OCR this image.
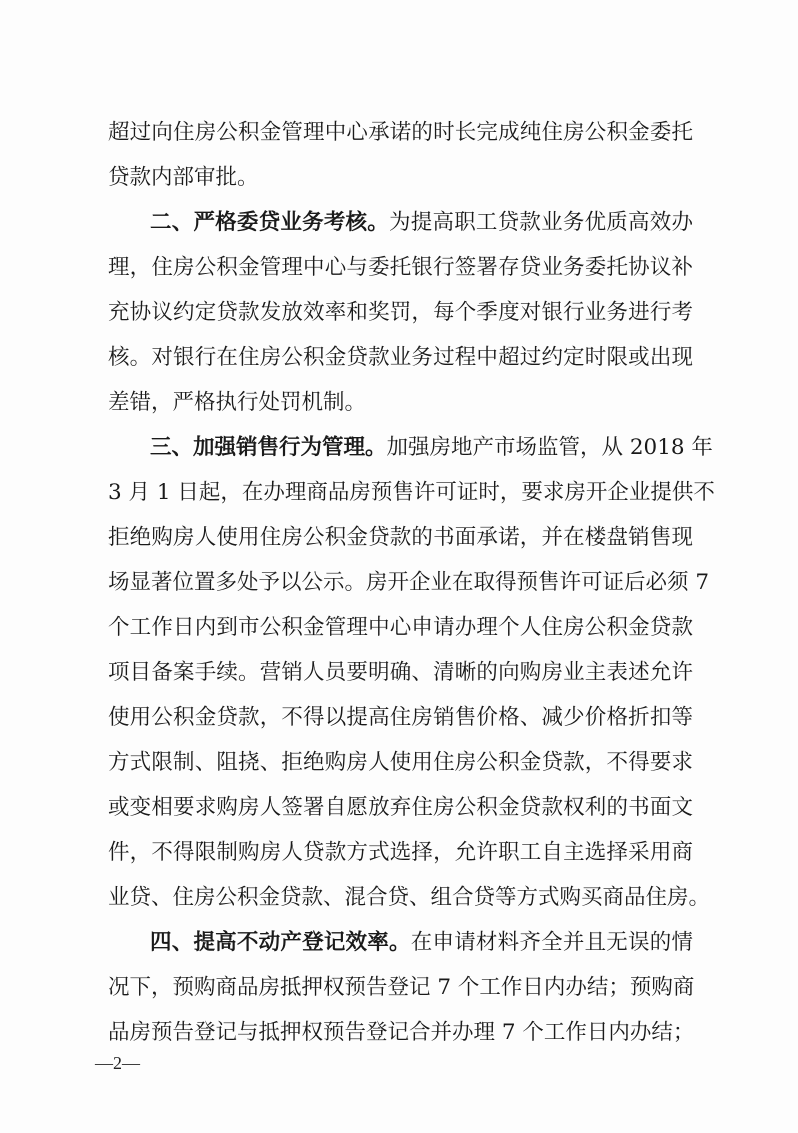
超过向住房公积金管理中心承诺的时长完成纯住房公积金委托
贷款内部审批。
二、严格委贷业务考核。为提高职工贷款业务优质高效办
理，住房公积金管理中心与委托银行签署存贷业务委托协议补
充协议约定贷款发放效率和奖罚，每个季度对银行业务进行考
核。对银行在住房公积金贷款业务过程中超过约定时限或出现
差错，严格执行处罚机制。
三、加强销售行为管理。加强房地产市场监管，从 2018 年
3 月 1 日起，在办理商品房预售许可证时，要求房开企业提供不
拒绝购房人使用住房公积金贷款的书面承诺，并在楼盘销售现
场显著位置多处予以公示。房开企业在取得预售许可证后必须 7
个工作日内到市公积金管理中心申请办理个人住房公积金贷款
项目备案手续。营销人员要明确、清晰的向购房业主表述允许
使用公积金贷款，不得以提高住房销售价格、减少价格折扣等
方式限制、阻挠、拒绝购房人使用住房公积金贷款，不得要求
或变相要求购房人签署自愿放弃住房公积金贷款权利的书面文
件，不得限制购房人贷款方式选择，允许职工自主选择采用商
业贷、住房公积金贷款、混合贷、组合贷等方式购买商品住房。
四、提高不动产登记效率。在申请材料齐全并且无误的情
况下，预购商品房抵押权预告登记 7 个工作日内办结；预购商
品房预告登记与抵押权预告登记合并办理 7 个工作日内办结；
—2—
